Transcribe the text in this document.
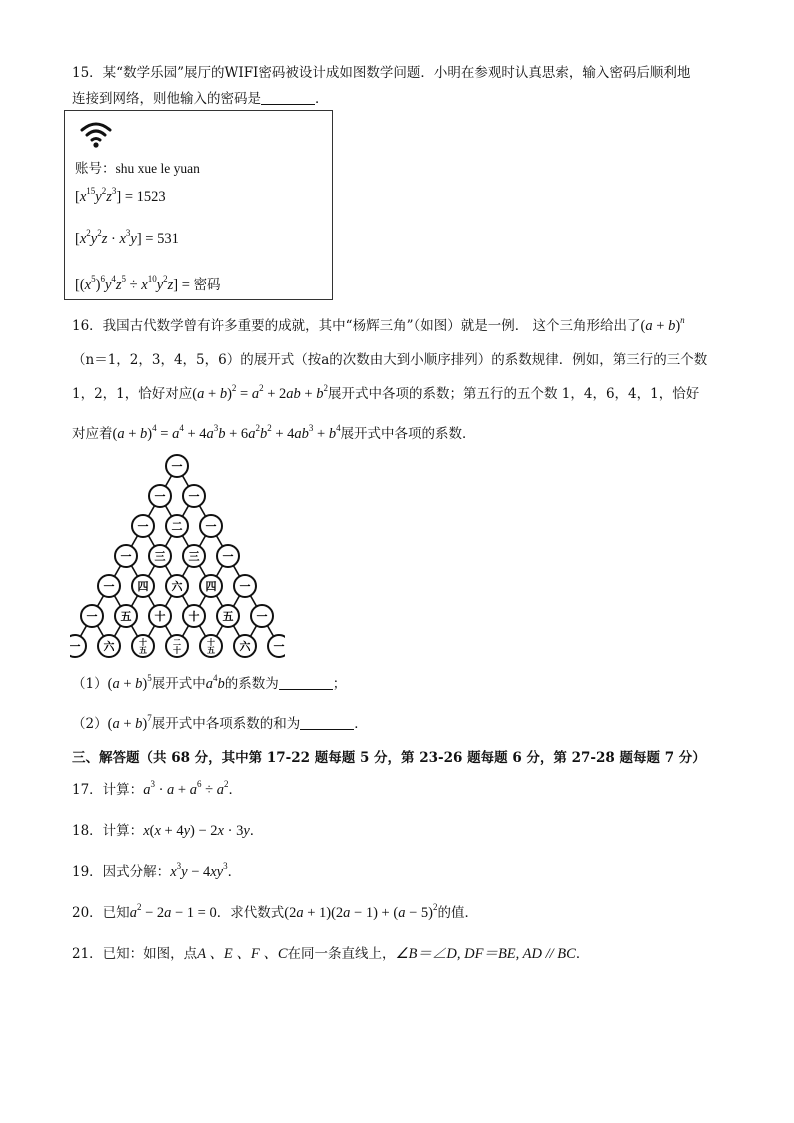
15．某“数学乐园”展厅的WIFI密码被设计成如图数学问题．小明在参观时认真思索，输入密码后顺利地
连接到网络，则他输入的密码是	．
账号：shu xue le yuan
$[x^{15}y^2z^3] = 1523$
$[x^2y^2z \cdot x^3y] = 531$
$[(x^5)^6y^4z^5 \div x^{10}y^2z]$ = 密码
16．我国古代数学曾有许多重要的成就，其中“杨辉三角”（如图）就是一例． 这个三角形给出了$(a + b)^n$
（n＝1，2，3，4，5，6）的展开式（按a的次数由大到小顺序排列）的系数规律．例如，第三行的三个数
1，2，1，恰好对应$(a + b)^2 = a^2 + 2ab + b^2$展开式中各项的系数；第五行的五个数 1，4，6，4，1，恰好
对应着$(a + b)^4 = a^4 + 4a^3b + 6a^2b^2 + 4ab^3 + b^4$展开式中各项的系数．
一
一 一
一 二 一
一 三 三 一
一 四 六 四 一
一 五 十 十 五 一
一 六	十五
二十
十五 六 一
$(1)(a + b)^5$展开式中$a^4b$的系数为	；
$(2)(a + b)^7$展开式中各项系数的和为	．
三、解答题（共 68 分，其中第 17-22 题每题 5 分，第 23-26 题每题 6 分，第 27-28 题每题 7 分）
17．计算：$a^3 \cdot a + a^6 \div a^2$．
18．计算：x(x + 4y) − 2x · 3y．
19．因式分解：$x^3y - 4xy^3$．
20．已知$a^2 - 2a - 1 = 0$．求代数式$(2a + 1)(2a - 1) + (a - 5)^2$的值．
21．已知：如图，点A 、E 、F 、C在同一条直线上，∠B＝∠D, DF＝BE, AD // BC．
